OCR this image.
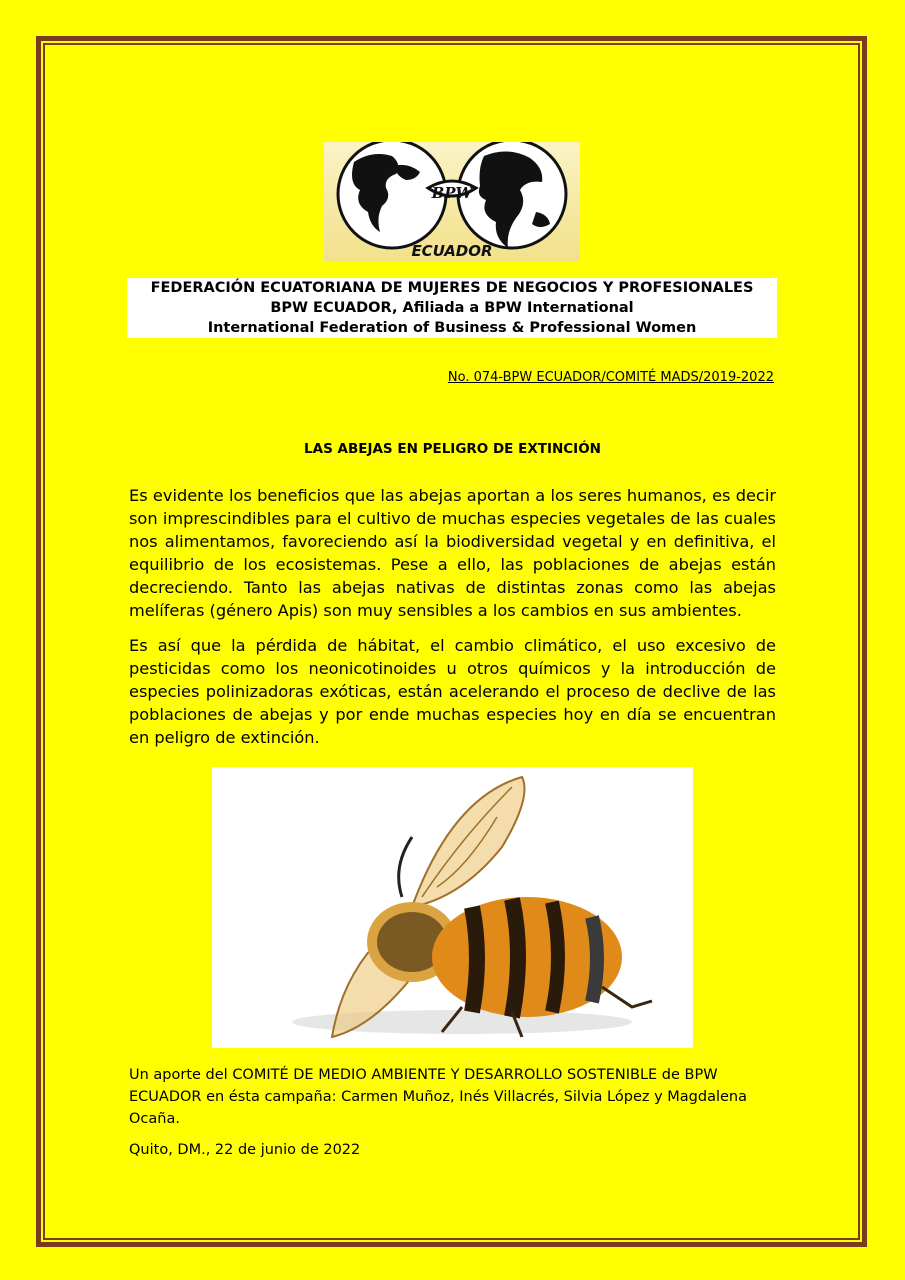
BPW
ECUADOR
FEDERACIÓN ECUATORIANA DE MUJERES DE NEGOCIOS Y PROFESIONALES
BPW ECUADOR, Afiliada a BPW International
International Federation of Business & Professional Women
No. 074-BPW ECUADOR/COMITÉ MADS/2019-2022
LAS ABEJAS EN PELIGRO DE EXTINCIÓN

Es evidente los beneficios que las abejas aportan a los seres humanos, es decir son imprescindibles para el cultivo de muchas especies vegetales de las cuales nos alimentamos, favoreciendo así la biodiversidad vegetal y en definitiva, el equilibrio de los ecosistemas. Pese a ello, las poblaciones de abejas están decreciendo. Tanto las abejas nativas de distintas zonas como las abejas melíferas (género Apis) son muy sensibles a los cambios en sus ambientes.

Es así que la pérdida de hábitat, el cambio climático, el uso excesivo de pesticidas como los neonicotinoides u otros químicos y la introducción de especies polinizadoras exóticas, están acelerando el proceso de declive de las poblaciones de abejas y por ende muchas especies hoy en día se encuentran en peligro de extinción.

Un aporte del COMITÉ DE MEDIO AMBIENTE Y DESARROLLO SOSTENIBLE de BPW ECUADOR en ésta campaña: Carmen Muñoz, Inés Villacrés, Silvia López y Magdalena Ocaña.

Quito, DM., 22 de junio de 2022
